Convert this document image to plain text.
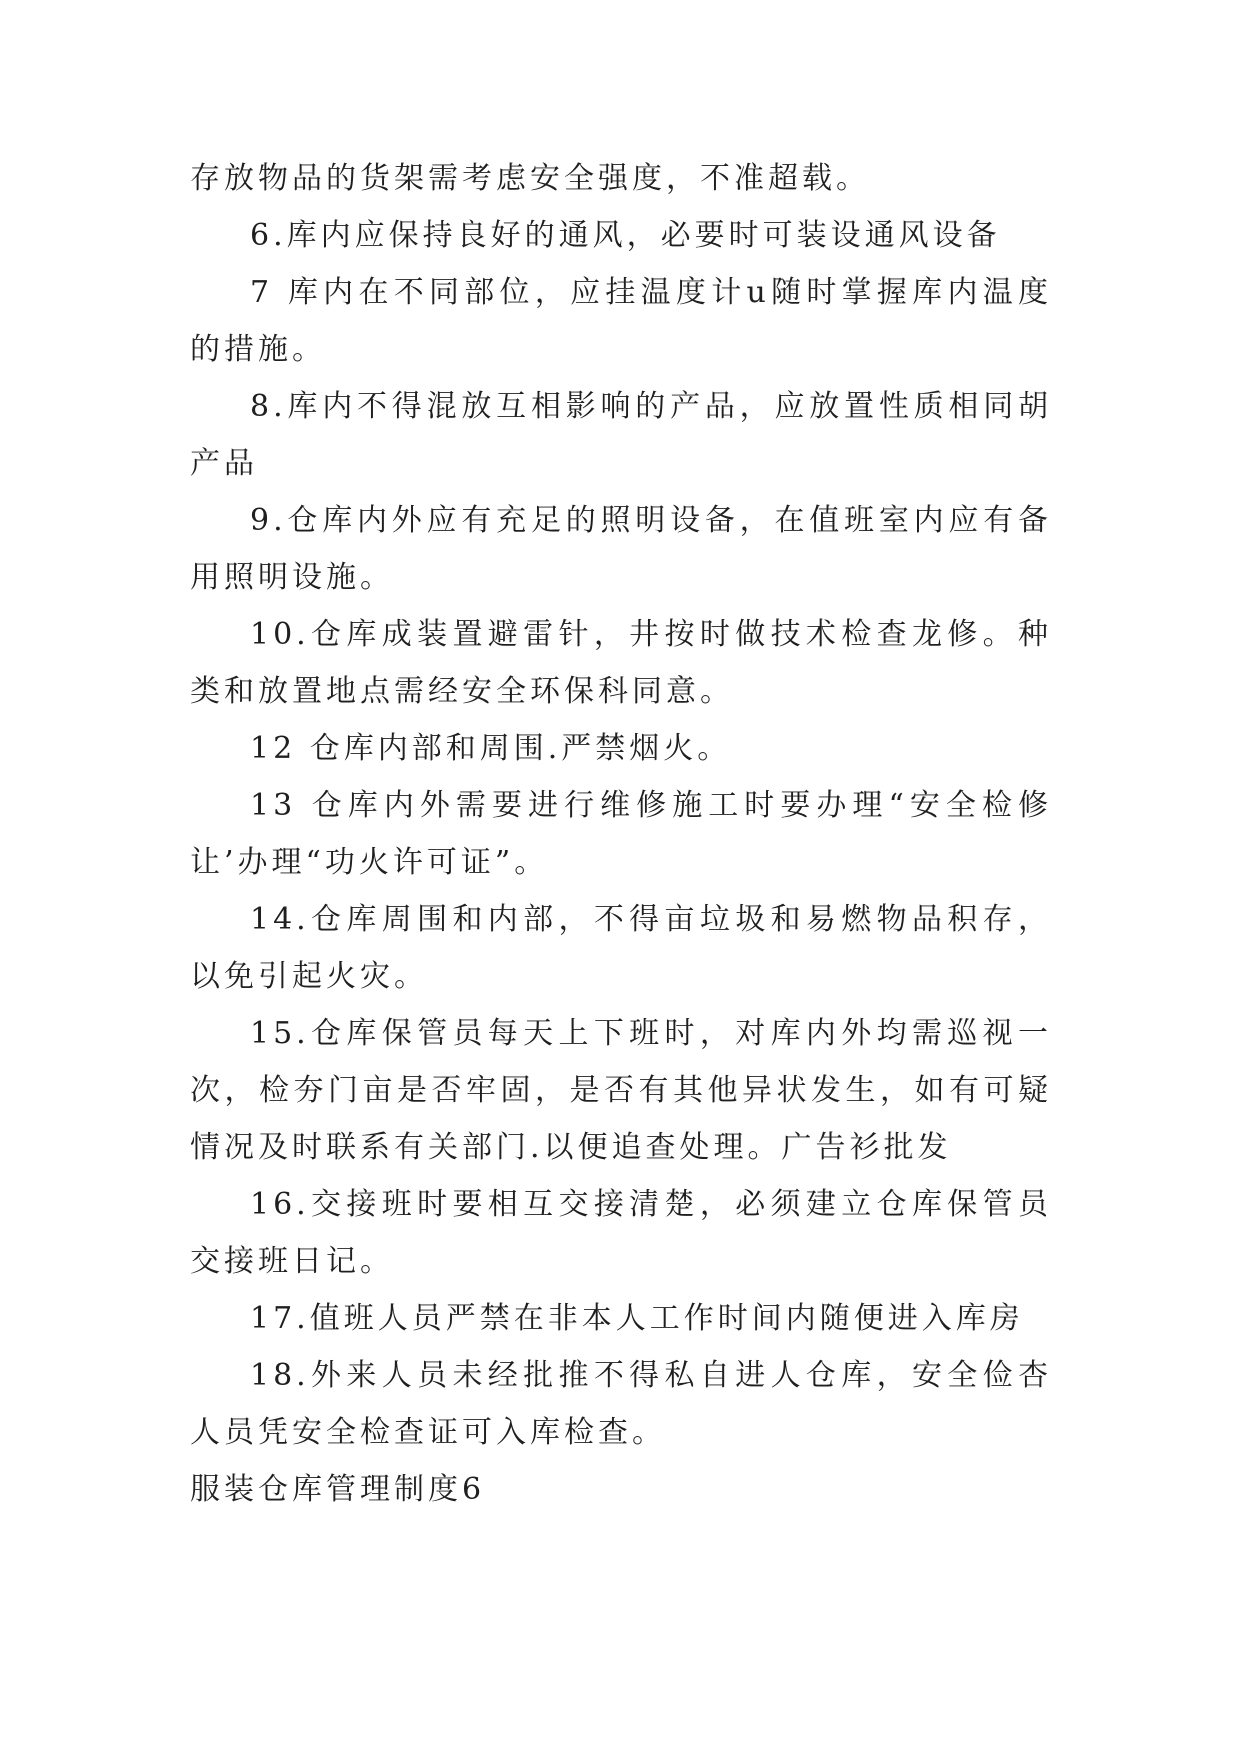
存放物品的货架需考虑安全强度，不准超载。

6.库内应保持良好的通风，必要时可装设通风设备

7 库内在不同部位，应挂温度计u随时掌握库内温度的措施。

8.库内不得混放互相影响的产品，应放置性质相同胡产品

9.仓库内外应有充足的照明设备，在值班室内应有备用照明设施。

10.仓库成装置避雷针，井按时做技术检查龙修。种类和放置地点需经安全环保科同意。

12 仓库内部和周围.严禁烟火。

13 仓库内外需要进行维修施工时要办理“安全检修让’办理“功火许可证”。

14.仓库周围和内部，不得亩垃圾和易燃物品积存，以免引起火灾。

15.仓库保管员每天上下班时，对库内外均需巡视一次，检夯门亩是否牢固，是否有其他异状发生，如有可疑情况及时联系有关部门.以便追查处理。广告衫批发

16.交接班时要相互交接清楚，必须建立仓库保管员交接班日记。

17.值班人员严禁在非本人工作时间内随便进入库房

18.外来人员未经批推不得私自进人仓库，安全俭杏人员凭安全检查证可入库检查。

服装仓库管理制度6
